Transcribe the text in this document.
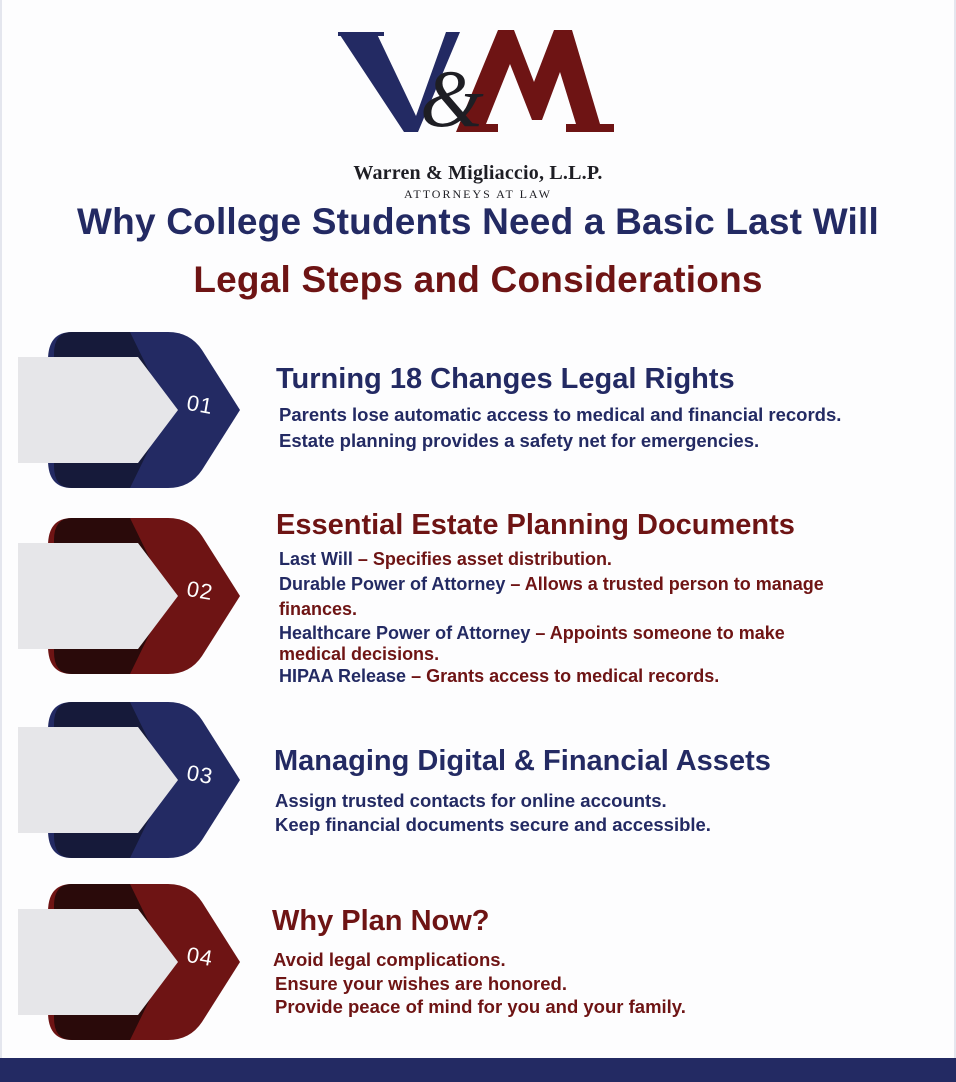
&
Warren & Migliaccio, L.L.P.
ATTORNEYS AT LAW
Why College Students Need a Basic Last Will
Legal Steps and Considerations
01
Turning 18 Changes Legal Rights
Parents lose automatic access to medical and financial records.
Estate planning provides a safety net for emergencies.
02
Essential Estate Planning Documents
Last Will – Specifies asset distribution.
Durable Power of Attorney – Allows a trusted person to manage
finances.
Healthcare Power of Attorney – Appoints someone to make
medical decisions.
HIPAA Release – Grants access to medical records.
03 Managing Digital & Financial Assets
Assign trusted contacts for online accounts.
Keep financial documents secure and accessible.
04
Why Plan Now?
Avoid legal complications.
Ensure your wishes are honored.
Provide peace of mind for you and your family.
